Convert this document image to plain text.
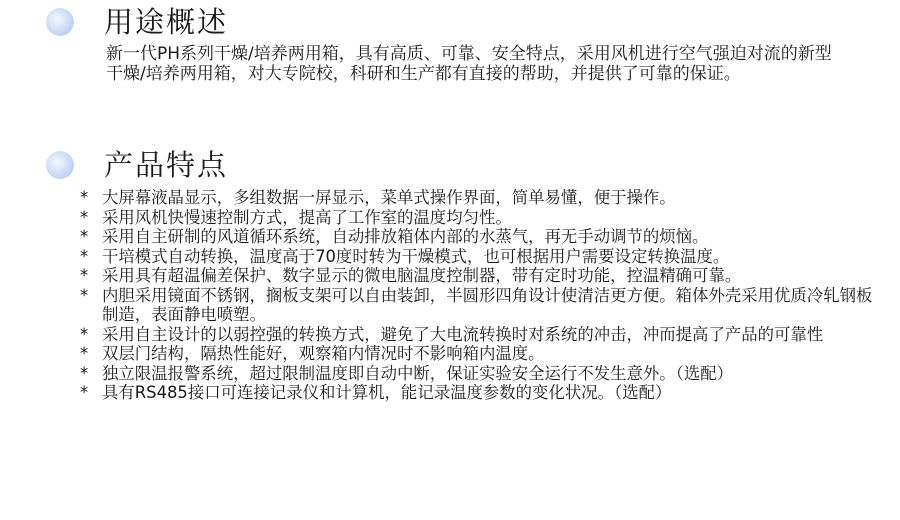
用途概述
新一代PH系列干燥/培养两用箱，具有高质、可靠、安全特点，采用风机进行空气强迫对流的新型干燥/培养两用箱，对大专院校，科研和生产都有直接的帮助，并提供了可靠的保证。
产品特点
* 大屏幕液晶显示，多组数据一屏显示，菜单式操作界面，简单易懂，便于操作。
* 采用风机快慢速控制方式，提高了工作室的温度均匀性。
* 采用自主研制的风道循环系统，自动排放箱体内部的水蒸气，再无手动调节的烦恼。
* 干培模式自动转换，温度高于70度时转为干燥模式，也可根据用户需要设定转换温度。
* 采用具有超温偏差保护、数字显示的微电脑温度控制器，带有定时功能，控温精确可靠。
* 内胆采用镜面不锈钢，搁板支架可以自由装卸，半圆形四角设计使清洁更方便。箱体外壳采用优质冷轧钢板制造，表面静电喷塑。
* 采用自主设计的以弱控强的转换方式，避免了大电流转换时对系统的冲击，冲而提高了产品的可靠性
* 双层门结构，隔热性能好，观察箱内情况时不影响箱内温度。
* 独立限温报警系统，超过限制温度即自动中断，保证实验安全运行不发生意外。（选配）
* 具有RS485接口可连接记录仪和计算机，能记录温度参数的变化状况。（选配）
